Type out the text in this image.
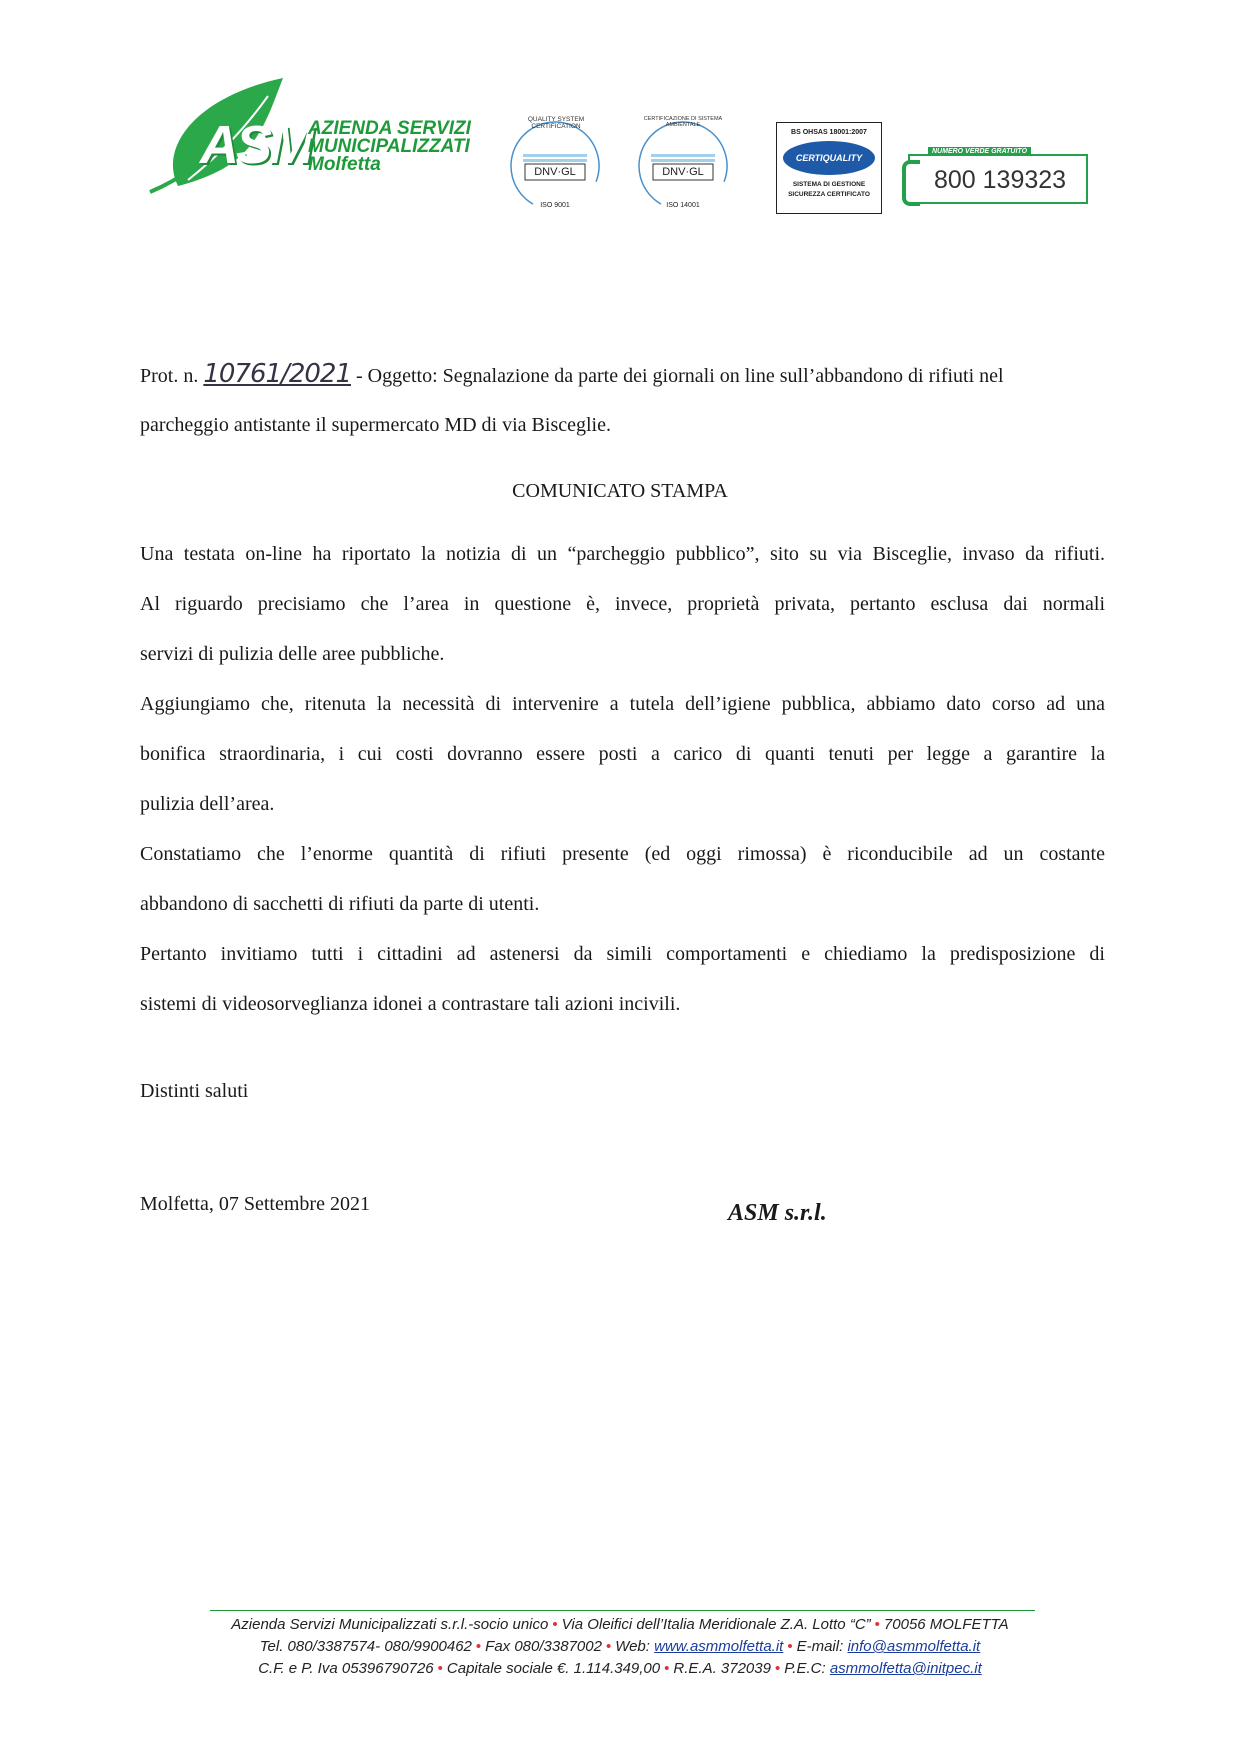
ASM
AZIENDA SERVIZI
MUNICIPALIZZATI
Molfetta
QUALITY SYSTEM CERTIFICATION
DNV·GL
ISO 9001
CERTIFICAZIONE DI SISTEMA AMBIENTALE
DNV·GL
ISO 14001
BS OHSAS 18001:2007
CERTIQUALITY
SISTEMA DI GESTIONE
SICUREZZA CERTIFICATO
NUMERO VERDE GRATUITO
800 139323
Prot. n. 10761/2021 - Oggetto: Segnalazione da parte dei giornali on line sull’abbandono di rifiuti nel
parcheggio antistante il supermercato MD di via Bisceglie.
COMUNICATO STAMPA
Una testata on-line ha riportato la notizia di un “parcheggio pubblico”, sito su via Bisceglie, invaso da rifiuti.
Al riguardo precisiamo che l’area in questione è, invece, proprietà privata, pertanto esclusa dai normali
servizi di pulizia delle aree pubbliche.
Aggiungiamo che, ritenuta la necessità di intervenire a tutela dell’igiene pubblica, abbiamo dato corso ad una
bonifica straordinaria, i cui costi dovranno essere posti a carico di quanti tenuti per legge a garantire la
pulizia dell’area.
Constatiamo che l’enorme quantità di rifiuti presente (ed oggi rimossa) è riconducibile ad un costante
abbandono di sacchetti di rifiuti da parte di utenti.
Pertanto invitiamo tutti i cittadini ad astenersi da simili comportamenti e chiediamo la predisposizione di
sistemi di videosorveglianza idonei a contrastare tali azioni incivili.
Distinti saluti
Molfetta, 07 Settembre 2021	ASM s.r.l.
Azienda Servizi Municipalizzati s.r.l.-socio unico • Via Oleifici dell’Italia Meridionale Z.A. Lotto “C” • 70056 MOLFETTA
Tel. 080/3387574- 080/9900462 • Fax 080/3387002 • Web: www.asmmolfetta.it • E-mail: info@asmmolfetta.it
C.F. e P. Iva 05396790726 • Capitale sociale €. 1.114.349,00 • R.E.A. 372039 • P.E.C: asmmolfetta@initpec.it
